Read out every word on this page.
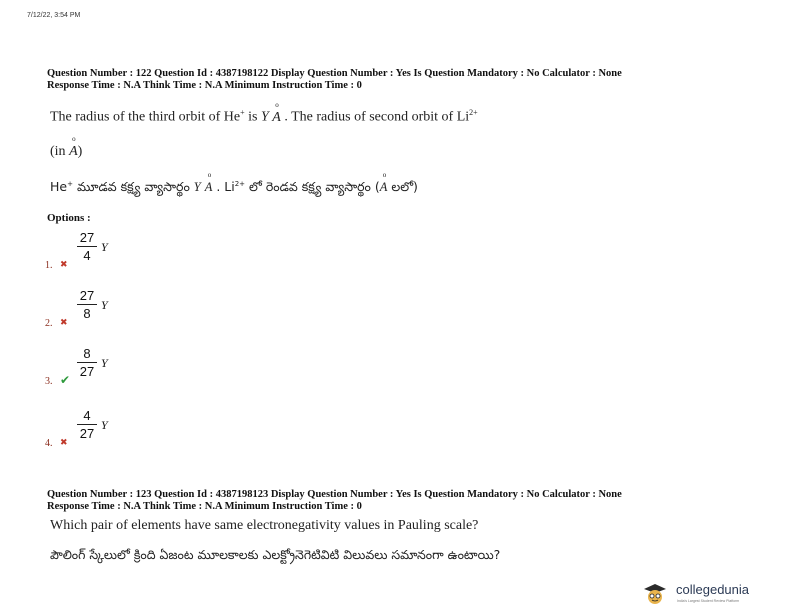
7/12/22, 3:54 PM
Question Number : 122 Question Id : 4387198122 Display Question Number : Yes Is Question Mandatory : No Calculator : None
Response Time : N.A Think Time : N.A Minimum Instruction Time : 0
The radius of the third orbit of He+ is Y
o
A . The radius of second orbit of $Li^{2+}$
(in
o
A)
He+ మూడవ కక్ష్య వ్యాసార్థం Y
o
A . $Li^{2+}$ లో రెండవ కక్ష్య వ్యాసార్థం (
o
A లలో)
Options :
1. ✖
27
4
Y
2. ✖
27
8
Y
3. ✔
8
27
Y
4. ✖
4
27
Y
Question Number : 123 Question Id : 4387198123 Display Question Number : Yes Is Question Mandatory : No Calculator : None
Response Time : N.A Think Time : N.A Minimum Instruction Time : 0
Which pair of elements have same electronegativity values in Pauling scale?
పౌలింగ్ స్కేలులో క్రింది ఏజంట మూలకాలకు ఎలక్ట్రోనెగెటివిటి విలువలు సమానంగా ఉంటాయి?
collegedunia
India's Largest Student Review Platform
